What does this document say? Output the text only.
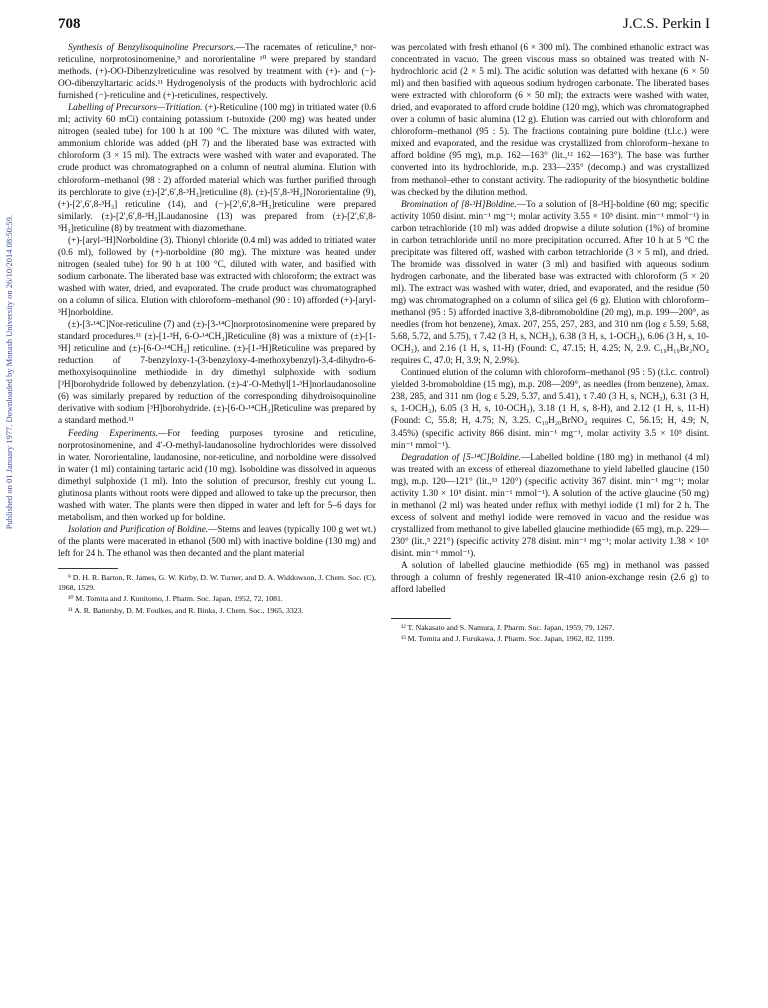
708	J.C.S. Perkin I
Published on 01 January 1977. Downloaded by Monash University on 26/10/2014 08:50:59.

Synthesis of Benzylisoquinoline Precursors.—The racemates of reticuline,⁹ nor-reticuline, norprotosinomenine,⁹ and nororientaline ¹⁰ were prepared by standard methods. (+)-OO-Dibenzylreticuline was resolved by treatment with (+)- and (−)-OO-dibenzyltartaric acids.¹¹ Hydrogenolysis of the products with hydrochloric acid furnished (−)-reticuline and (+)-reticulines, respectively.

Labelling of Precursors—Tritiation. (+)-Reticuline (100 mg) in tritiated water (0.6 ml; activity 60 mCi) containing potassium t-butoxide (200 mg) was heated under nitrogen (sealed tube) for 100 h at 100 °C. The mixture was diluted with water, ammonium chloride was added (pH 7) and the liberated base was extracted with chloroform (3 × 15 ml). The extracts were washed with water and evaporated. The crude product was chromatographed on a column of neutral alumina. Elution with chloroform–methanol (98 : 2) afforded material which was further purified through its perchlorate to give (±)-[2′,6′,8-³H₃]reticuline (8). (±)-[5′,8-³H₂]Nororientaline (9), (+)-[2′,6′,8-³H₃] reticuline (14), and (−)-[2′,6′,8-³H₃]reticuline were prepared similarly. (±)-[2′,6′,8-³H₃]Laudanosine (13) was prepared from (±)-[2′,6′,8-³H₃]reticuline (8) by treatment with diazomethane.

(+)-[aryl-³H]Norboldine (3). Thionyl chloride (0.4 ml) was added to tritiated water (0.6 ml), followed by (+)-norboldine (80 mg). The mixture was heated under nitrogen (sealed tube) for 90 h at 100 °C, diluted with water, and basified with sodium carbonate. The liberated base was extracted with chloroform; the extract was washed with water, dried, and evaporated. The crude product was chromatographed on a column of silica. Elution with chloroform–methanol (90 : 10) afforded (+)-[aryl-³H]norboldine.

(±)-[3-¹⁴C]Nor-reticuline (7) and (±)-[3-¹⁴C]norprotosinomenine were prepared by standard procedures.¹¹ (±)-[1-³H, 6-O-¹⁴CH₃]Reticuline (8) was a mixture of (±)-[1-³H] reticuline and (±)-[6-O-¹⁴CH₃] reticuline. (±)-[1-³H]Reticuline was prepared by reduction of 7-benzyloxy-1-(3-benzyloxy-4-methoxybenzyl)-3,4-dihydro-6-methoxyisoquinoline methiodide in dry dimethyl sulphoxide with sodium [³H]borohydride followed by debenzylation. (±)-4′-O-Methyl[1-³H]norlaudanosoline (6) was similarly prepared by reduction of the corresponding dihydroisoquinoline derivative with sodium [³H]borohydride. (±)-[6-O-¹⁴CH₃]Reticuline was prepared by a standard method.¹¹

Feeding Experiments.—For feeding purposes tyrosine and reticuline, norprotosinomenine, and 4′-O-methyl-laudanosoline hydrochlorides were dissolved in water. Nororientaline, laudanosine, nor-reticuline, and norboldine were dissolved in water (1 ml) containing tartaric acid (10 mg). Isoboldine was dissolved in aqueous dimethyl sulphoxide (1 ml). Into the solution of precursor, freshly cut young L. glutinosa plants without roots were dipped and allowed to take up the precursor, then washed with water. The plants were then dipped in water and left for 5–6 days for metabolism, and then worked up for boldine.

Isolation and Purification of Boldine.—Stems and leaves (typically 100 g wet wt.) of the plants were macerated in ethanol (500 ml) with inactive boldine (130 mg) and left for 24 h. The ethanol was then decanted and the plant material

⁹ D. H. R. Barton, R. James, G. W. Kirby, D. W. Turner, and D. A. Widdowson, J. Chem. Soc. (C), 1968, 1529.

¹⁰ M. Tomita and J. Kunitomo, J. Pharm. Soc. Japan, 1952, 72, 1081.

¹¹ A. R. Battersby, D. M. Foulkes, and R. Binks, J. Chem. Soc., 1965, 3323.

was percolated with fresh ethanol (6 × 300 ml). The combined ethanolic extract was concentrated in vacuo. The green viscous mass so obtained was treated with N-hydrochloric acid (2 × 5 ml). The acidic solution was defatted with hexane (6 × 50 ml) and then basified with aqueous sodium hydrogen carbonate. The liberated bases were extracted with chloroform (6 × 50 ml); the extracts were washed with water, dried, and evaporated to afford crude boldine (120 mg), which was chromatographed over a column of basic alumina (12 g). Elution was carried out with chloroform and chloroform–methanol (95 : 5). The fractions containing pure boldine (t.l.c.) were mixed and evaporated, and the residue was crystallized from chloroform–hexane to afford boldine (95 mg), m.p. 162—163° (lit.,¹² 162—163°). The base was further converted into its hydrochloride, m.p. 233—235° (decomp.) and was crystallized from methanol–ether to constant activity. The radiopurity of the biosynthetic boldine was checked by the dilution method.

Bromination of [8-³H]Boldine.—To a solution of [8-³H]-boldine (60 mg; specific activity 1050 disint. min⁻¹ mg⁻¹; molar activity 3.55 × 10⁵ disint. min⁻¹ mmol⁻¹) in carbon tetrachloride (10 ml) was added dropwise a dilute solution (1%) of bromine in carbon tetrachloride until no more precipitation occurred. After 10 h at 5 °C the precipitate was filtered off, washed with carbon tetrachloride (3 × 5 ml), and dried. The bromide was dissolved in water (3 ml) and basified with aqueous sodium hydrogen carbonate, and the liberated base was extracted with chloroform (5 × 20 ml). The extract was washed with water, dried, and evaporated, and the residue (50 mg) was chromatographed on a column of silica gel (6 g). Elution with chloroform–methanol (95 : 5) afforded inactive 3,8-dibromoboldine (20 mg), m.p. 199—200°, as needles (from hot benzene), λmax. 207, 255, 257, 283, and 310 nm (log ε 5.59, 5.68, 5.68, 5.72, and 5.75), τ 7.42 (3 H, s, NCH₃), 6.38 (3 H, s, 1-OCH₃), 6.06 (3 H, s, 10-OCH₃), and 2.16 (1 H, s, 11-H) (Found: C, 47.15; H, 4.25; N, 2.9. C₁₉H₁₉Br₂NO₄ requires C, 47.0; H, 3.9; N, 2.9%).

Continued elution of the column with chloroform–methanol (95 : 5) (t.l.c. control) yielded 3-bromoboldine (15 mg), m.p. 208—209°, as needles (from benzene), λmax. 238, 285, and 311 nm (log ε 5.29, 5.37, and 5.41), τ 7.40 (3 H, s, NCH₃), 6.31 (3 H, s, 1-OCH₃), 6.05 (3 H, s, 10-OCH₃), 3.18 (1 H, s, 8-H), and 2.12 (1 H, s, 11-H) (Found: C, 55.8; H, 4.75; N, 3.25. C₁₉H₂₀BrNO₄ requires C, 56.15; H, 4.9; N, 3.45%) (specific activity 866 disint. min⁻¹ mg⁻¹, molar activity 3.5 × 10⁵ disint. min⁻¹ mmol⁻¹).

Degradation of [5-¹⁴C]Boldine.—Labelled boldine (180 mg) in methanol (4 ml) was treated with an excess of ethereal diazomethane to yield labelled glaucine (150 mg), m.p. 120—121° (lit.,¹³ 120°) (specific activity 367 disint. min⁻¹ mg⁻¹; molar activity 1.30 × 10⁵ disint. min⁻¹ mmol⁻¹). A solution of the active glaucine (50 mg) in methanol (2 ml) was heated under reflux with methyl iodide (1 ml) for 2 h. The excess of solvent and methyl iodide were removed in vacuo and the residue was crystallized from methanol to give labelled glaucine methiodide (65 mg), m.p. 229—230° (lit.,⁵ 221°) (specific activity 278 disint. min⁻¹ mg⁻¹; molar activity 1.38 × 10⁵ disint. min⁻¹ mmol⁻¹).

A solution of labelled glaucine methiodide (65 mg) in methanol was passed through a column of freshly regenerated IR-410 anion-exchange resin (2.6 g) to afford labelled

¹² T. Nakasato and S. Namura, J. Pharm. Soc. Japan, 1959, 79, 1267.

¹³ M. Tomita and J. Furukawa, J. Pharm. Soc. Japan, 1962, 82, 1199.
